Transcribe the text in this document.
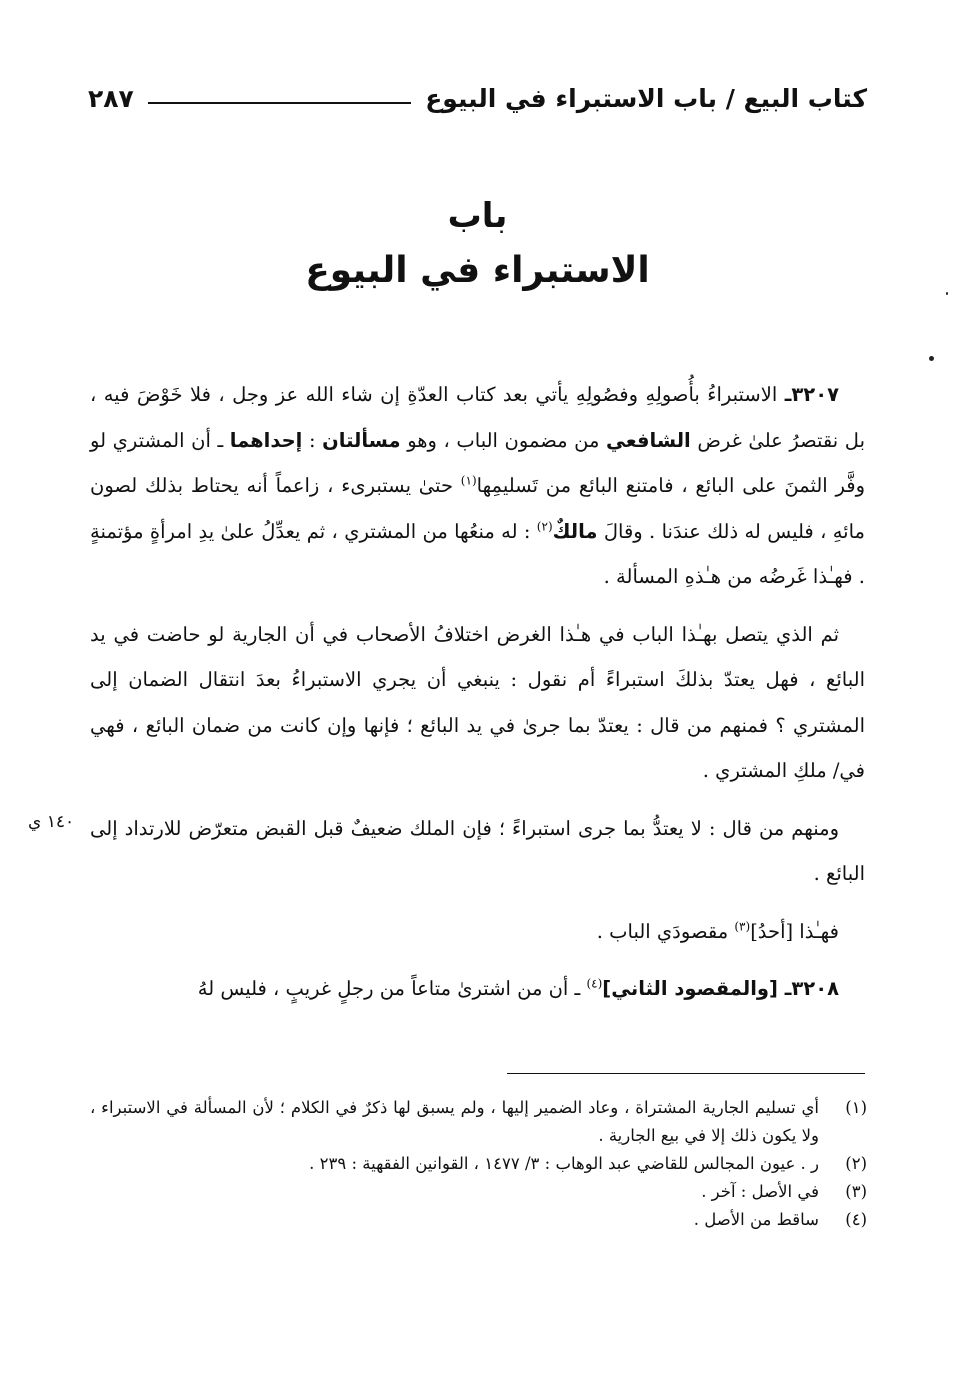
كتاب البيع / باب الاستبراء في البيوع
٢٨٧
باب
الاستبراء في البيوع

٣٢٠٧ـ الاستبراءُ بأُصولِهِ وفصُولِهِ يأتي بعد كتاب العدّةِ إن شاء الله عز وجل ، فلا خَوْضَ فيه ، بل نقتصرُ علىٰ غرض الشافعي من مضمون الباب ، وهو مسألتان : إحداهما ـ أن المشتري لو وفَّر الثمنَ على البائع ، فامتنع البائع من تَسليمِها$^{(١)}$ حتىٰ يستبرىء ، زاعماً أنه يحتاط بذلك لصون مائهِ ، فليس له ذلك عندَنا . وقالَ مالكٌ$^{(٢)}$ : له منعُها من المشتري ، ثم يعدِّلُ علىٰ يدِ امرأةٍ مؤتمنةٍ . فهـٰذا غَرضُه من هـٰذهِ المسألة .

ثم الذي يتصل بهـٰذا الباب في هـٰذا الغرض اختلافُ الأصحاب في أن الجارية لو حاضت في يد البائع ، فهل يعتدّ بذلكَ استبراءً أم نقول : ينبغي أن يجري الاستبراءُ بعدَ انتقال الضمان إلى المشتري ؟ فمنهم من قال : يعتدّ بما جرىٰ في يد البائع ؛ فإنها وإن كانت من ضمان البائع ، فهي في/ ملكِ المشتري .

ومنهم من قال : لا يعتدُّ بما جرى استبراءً ؛ فإن الملك ضعيفٌ قبل القبض متعرّض للارتداد إلى البائع .

فهـٰذا [أحدُ]$^{(٣)}$ مقصودَي الباب .

٣٢٠٨ـ [والمقصود الثاني]$^{(٤)}$ ـ أن من اشترىٰ متاعاً من رجلٍ غريبٍ ، فليس لهُ

١٤٠ ي
(١)
أي تسليم الجارية المشتراة ، وعاد الضمير إليها ، ولم يسبق لها ذكرٌ في الكلام ؛ لأن المسألة في الاستبراء ، ولا يكون ذلك إلا في بيع الجارية .
(٢)
ر . عيون المجالس للقاضي عبد الوهاب : ٣/ ١٤٧٧ ، القوانين الفقهية : ٢٣٩ .
(٣)
في الأصل : آخر .
(٤)
ساقط من الأصل .
